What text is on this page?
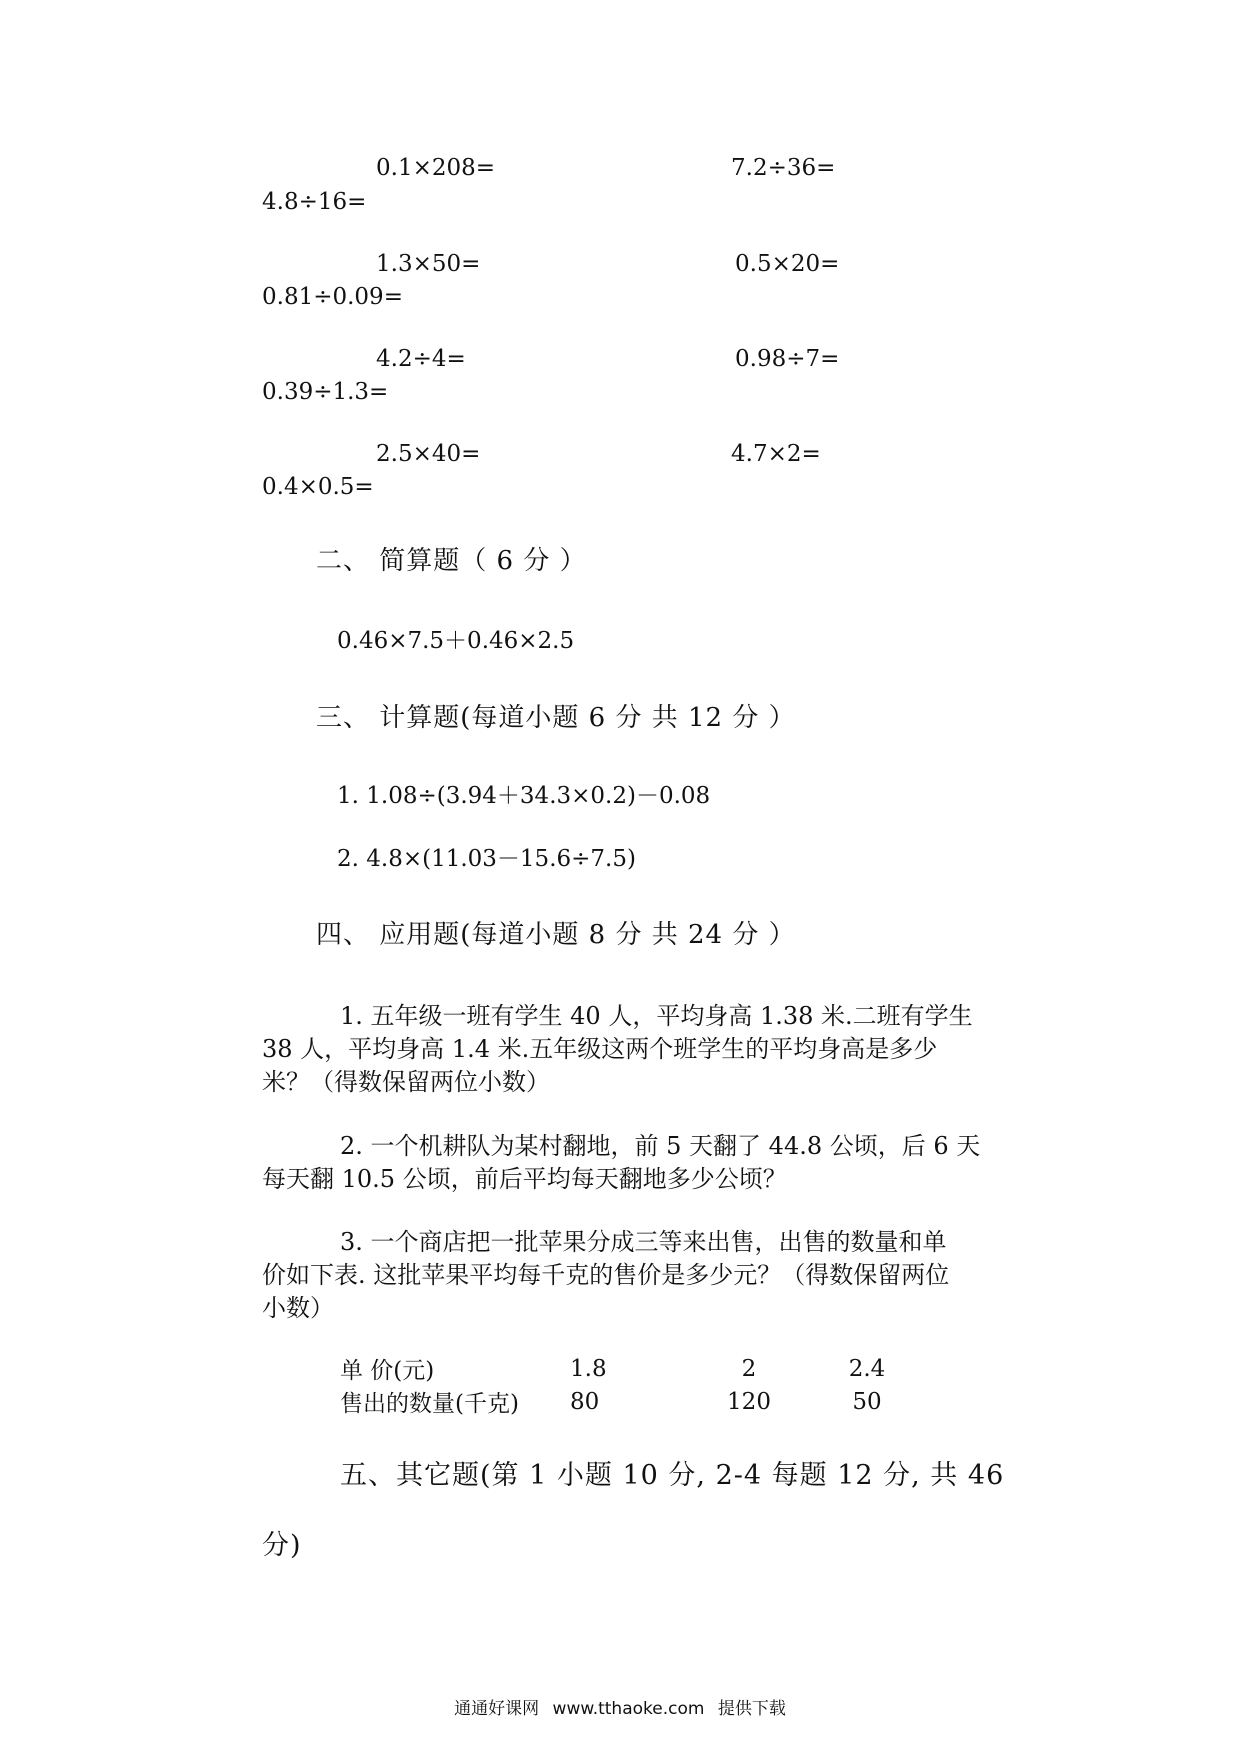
0.1×208=	7.2÷36=
4.8÷16=
1.3×50=	0.5×20=
0.81÷0.09=
4.2÷4=	0.98÷7=
0.39÷1.3=
2.5×40=	4.7×2=
0.4×0.5=
二、 简算题（ 6 分 ）
0.46×7.5＋0.46×2.5
三、 计算题(每道小题 6 分 共 12 分 ）
1. 1.08÷(3.94＋34.3×0.2)－0.08
2. 4.8×(11.03－15.6÷7.5)
四、 应用题(每道小题 8 分 共 24 分 ）
1. 五年级一班有学生 40 人，平均身高 1.38 米.二班有学生
38 人，平均身高 1.4 米.五年级这两个班学生的平均身高是多少
米？（得数保留两位小数）
2. 一个机耕队为某村翻地，前 5 天翻了 44.8 公顷，后 6 天
每天翻 10.5 公顷，前后平均每天翻地多少公顷？
3. 一个商店把一批苹果分成三等来出售，出售的数量和单
价如下表. 这批苹果平均每千克的售价是多少元？（得数保留两位
小数）
单 价(元)	1.8	2	2.4
售出的数量(千克)	80	120	50
五、其它题(第 1 小题 10 分, 2-4 每题 12 分, 共 46
分)
通通好课网 www.tthaoke.com 提供下载
